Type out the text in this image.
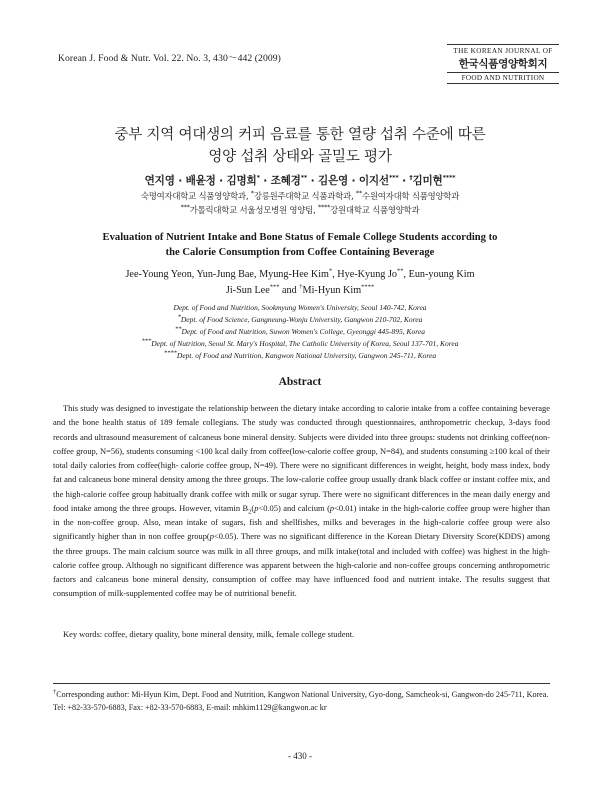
Korean J. Food & Nutr. Vol. 22. No. 3, 430～442 (2009)
THE KOREAN JOURNAL OF
한국식품영양학회지
FOOD AND NUTRITION
중부 지역 여대생의 커피 음료를 통한 열량 섭취 수준에 따른
영양 섭취 상태와 골밀도 평가
연지영 · 배윤정 · 김명희* · 조혜경** · 김은영 · 이지선*** · †김미현****
숙명여자대학교 식품영양학과, *강릉원주대학교 식품과학과, **수원여자대학 식품영양학과
***가톨릭대학교 서울성모병원 영양팀, ****강원대학교 식품영양학과
Evaluation of Nutrient Intake and Bone Status of Female College Students according to
the Calorie Consumption from Coffee Containing Beverage
Jee-Young Yeon, Yun-Jung Bae, Myung-Hee Kim*, Hye-Kyung Jo**, Eun-young Kim
Ji-Sun Lee*** and †Mi-Hyun Kim****
Dept. of Food and Nutrition, Sookmyung Women's University, Seoul 140-742, Korea
*Dept. of Food Science, Gangneung-Wonju University, Gangwon 210-702, Korea
**Dept. of Food and Nutrition, Suwon Women's College, Gyeonggi 445-895, Korea
***Dept. of Nutrition, Seoul St. Mary's Hospital, The Catholic University of Korea, Seoul 137-701, Korea
****Dept. of Food and Nutrition, Kangwon National University, Gangwon 245-711, Korea
Abstract

This study was designed to investigate the relationship between the dietary intake according to calorie intake from a coffee containing beverage and the bone health status of 189 female collegians. The study was conducted through questionnaires, anthropometric checkup, 3-days food records and ultrasound measurement of calcaneus bone mineral density. Subjects were divided into three groups: students not drinking coffee(non-coffee group, N=56), students consuming <100 kcal daily from coffee(low-calorie coffee group, N=84), and students consuming ≥100 kcal of their total daily calories from coffee(high- calorie coffee group, N=49). There were no significant differences in weight, height, body mass index, body fat and calcaneus bone mineral density among the three groups. The low-calorie coffee group usually drank black coffee or instant coffee mix, and the high-calorie coffee group habitually drank coffee with milk or sugar syrup. There were no significant differences in the mean daily energy and food intake among the three groups. However, vitamin $B_2(p<0.05)$ and calcium (p<0.01) intake in the high-calorie coffee group were higher than in the non-coffee group. Also, mean intake of sugars, fish and shellfishes, milks and beverages in the high-calorie coffee group were also significantly higher than in non coffee group(p<0.05). There was no significant difference in the Korean Dietary Diversity Score(KDDS) among the three groups. The main calcium source was milk in all three groups, and milk intake(total and included with coffee) was highest in the high-calorie coffee group. Although no significant difference was apparent between the high-calorie and non-coffee groups concerning anthropometric factors and calcaneus bone mineral density, consumption of coffee may have influenced food and nutrient intake. The results suggest that consumption of milk-supplemented coffee may be of nutritional benefit.

Key words: coffee, dietary quality, bone mineral density, milk, female college student.
†Corresponding author: Mi-Hyun Kim, Dept. Food and Nutrition, Kangwon National University, Gyo-dong, Samcheok-si, Gangwon-do 245-711, Korea. Tel: +82-33-570-6883, Fax: +82-33-570-6883, E-mail: mhkim1129@kangwon.ac kr
- 430 -
